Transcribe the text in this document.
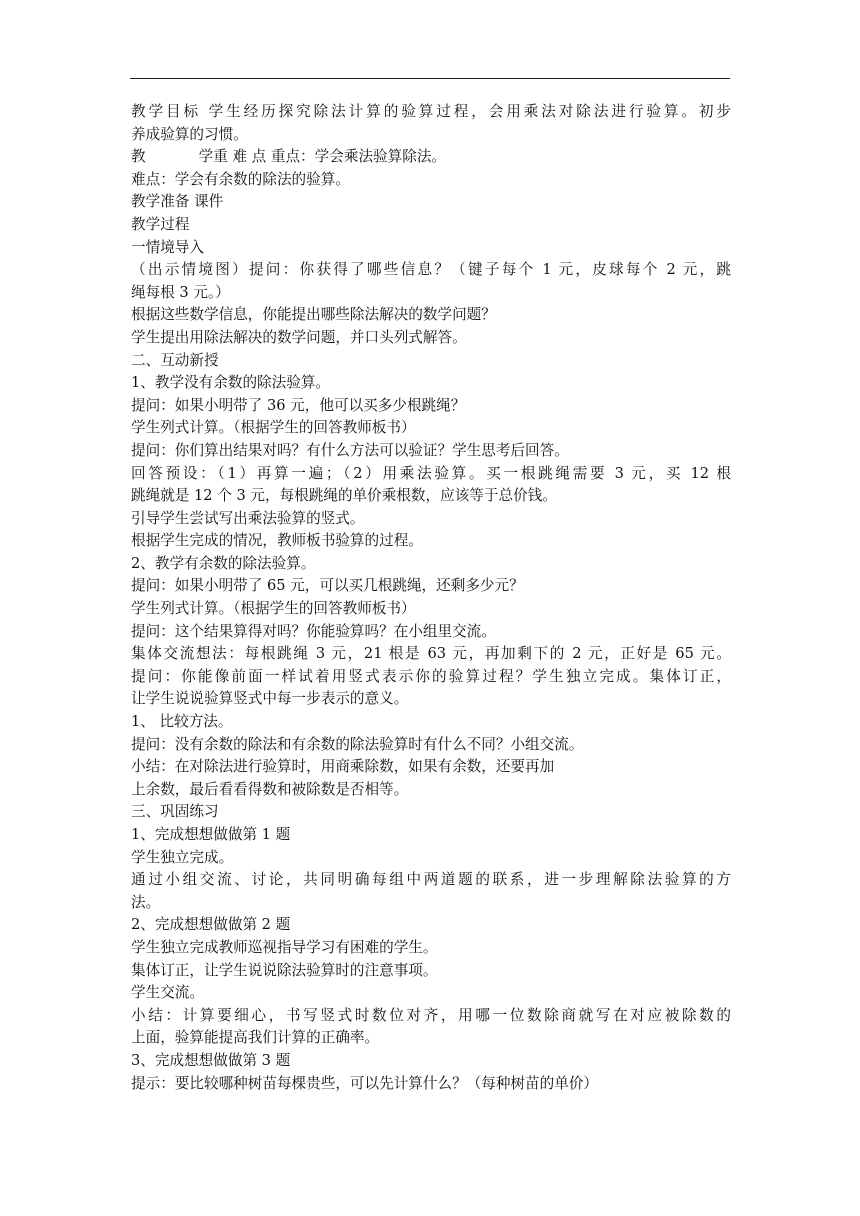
教学目标 学生经历探究除法计算的验算过程，会用乘法对除法进行验算。初步
养成验算的习惯。
教	学重 难 点 重点：学会乘法验算除法。
难点：学会有余数的除法的验算。
教学准备 课件
教学过程
一情境导入
（出示情境图）提问：你获得了哪些信息？（键子每个 1 元，皮球每个 2 元，跳
绳每根 3 元。）
根据这些数学信息，你能提出哪些除法解决的数学问题？
学生提出用除法解决的数学问题，并口头列式解答。
二、互动新授
1、教学没有余数的除法验算。
提问：如果小明带了 36 元，他可以买多少根跳绳？
学生列式计算。（根据学生的回答教师板书）
提问：你们算出结果对吗？有什么方法可以验证？学生思考后回答。
回答预设：（1）再算一遍；（2）用乘法验算。买一根跳绳需要 3 元，买 12 根
跳绳就是 12 个 3 元，每根跳绳的单价乘根数，应该等于总价钱。
引导学生尝试写出乘法验算的竖式。
根据学生完成的情况，教师板书验算的过程。
2、教学有余数的除法验算。
提问：如果小明带了 65 元，可以买几根跳绳，还剩多少元？
学生列式计算。（根据学生的回答教师板书）
提问：这个结果算得对吗？你能验算吗？在小组里交流。
集体交流想法：每根跳绳 3 元，21 根是 63 元，再加剩下的 2 元，正好是 65 元。
提问：你能像前面一样试着用竖式表示你的验算过程？学生独立完成。集体订正，
让学生说说验算竖式中每一步表示的意义。
1、 比较方法。
提问：没有余数的除法和有余数的除法验算时有什么不同？小组交流。
小结：在对除法进行验算时，用商乘除数，如果有余数，还要再加
上余数，最后看看得数和被除数是否相等。
三、巩固练习
1、完成想想做做第 1 题
学生独立完成。
通过小组交流、讨论，共同明确每组中两道题的联系，进一步理解除法验算的方
法。
2、完成想想做做第 2 题
学生独立完成教师巡视指导学习有困难的学生。
集体订正，让学生说说除法验算时的注意事项。
学生交流。
小结：计算要细心，书写竖式时数位对齐，用哪一位数除商就写在对应被除数的
上面，验算能提高我们计算的正确率。
3、完成想想做做第 3 题
提示：要比较哪种树苗每棵贵些，可以先计算什么？（每种树苗的单价）
